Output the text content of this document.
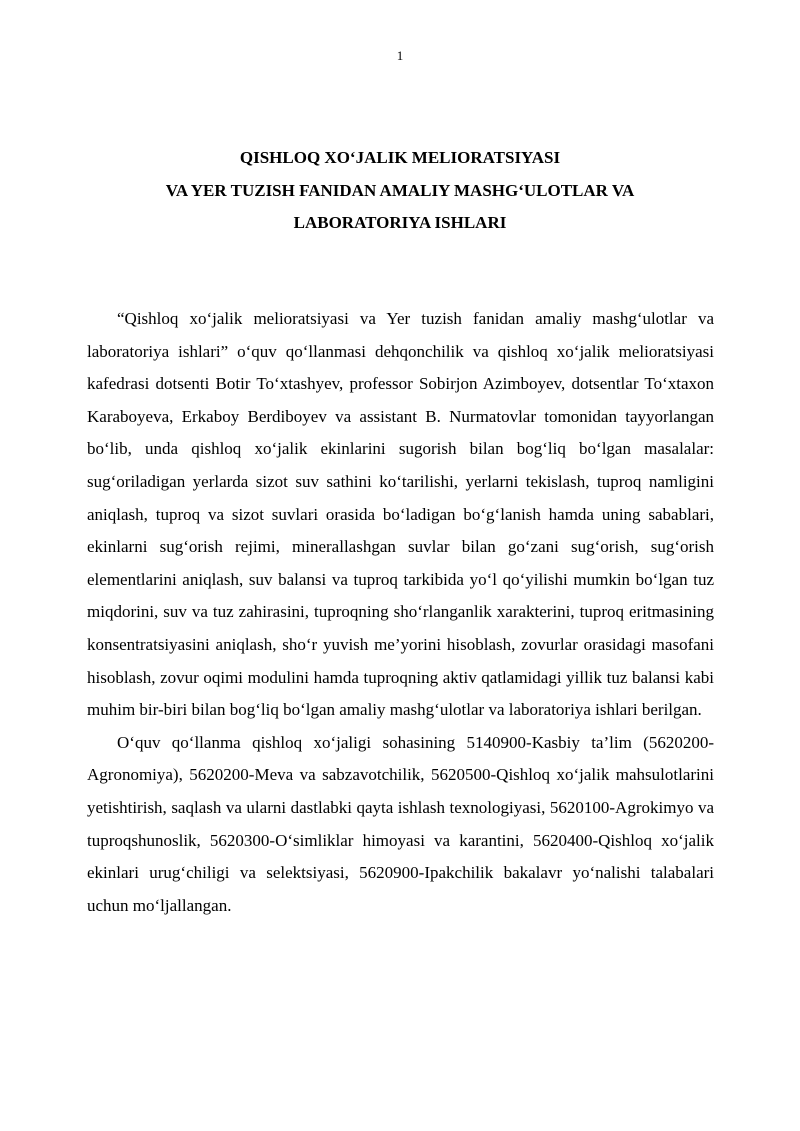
1
QISHLOQ XOʻJALIK MELIORATSIYASI
VA YER TUZISH FANIDAN AMALIY MASHGʻULOTLAR VA
LABORATORIYA ISHLARI

“Qishloq xoʻjalik melioratsiyasi va Yer tuzish fanidan amaliy mashgʻulotlar va laboratoriya ishlari” oʻquv qoʻllanmasi dehqonchilik va qishloq xoʻjalik melioratsiyasi kafedrasi dotsenti Botir Toʻxtashyev, professor Sobirjon Azimboyev, dotsentlar Toʻxtaxon Karaboyeva, Erkaboy Berdiboyev va assistant B. Nurmatovlar tomonidan tayyorlangan boʻlib, unda qishloq xoʻjalik ekinlarini sugorish bilan bogʻliq boʻlgan masalalar: sugʻoriladigan yerlarda sizot suv sathini koʻtarilishi, yerlarni tekislash, tuproq namligini aniqlash, tuproq va sizot suvlari orasida boʻladigan boʻgʻlanish hamda uning sabablari, ekinlarni sugʻorish rejimi, minerallashgan suvlar bilan goʻzani sugʻorish, sugʻorish elementlarini aniqlash, suv balansi va tuproq tarkibida yoʻl qoʻyilishi mumkin boʻlgan tuz miqdorini, suv va tuz zahirasini, tuproqning shoʻrlanganlik xarakterini, tuproq eritmasining konsentratsiyasini aniqlash, shoʻr yuvish me’yorini hisoblash, zovurlar orasidagi masofani hisoblash, zovur oqimi modulini hamda tuproqning aktiv qatlamidagi yillik tuz balansi kabi muhim bir-biri bilan bogʻliq boʻlgan amaliy mashgʻulotlar va laboratoriya ishlari berilgan.

Oʻquv qoʻllanma qishloq xoʻjaligi sohasining 5140900-Kasbiy ta’lim (5620200-Agronomiya), 5620200-Meva va sabzavotchilik, 5620500-Qishloq xoʻjalik mahsulotlarini yetishtirish, saqlash va ularni dastlabki qayta ishlash texnologiyasi, 5620100-Agrokimyo va tuproqshunoslik, 5620300-Oʻsimliklar himoyasi va karantini, 5620400-Qishloq xoʻjalik ekinlari urugʻchiligi va selektsiyasi, 5620900-Ipakchilik bakalavr yoʻnalishi talabalari uchun moʻljallangan.
